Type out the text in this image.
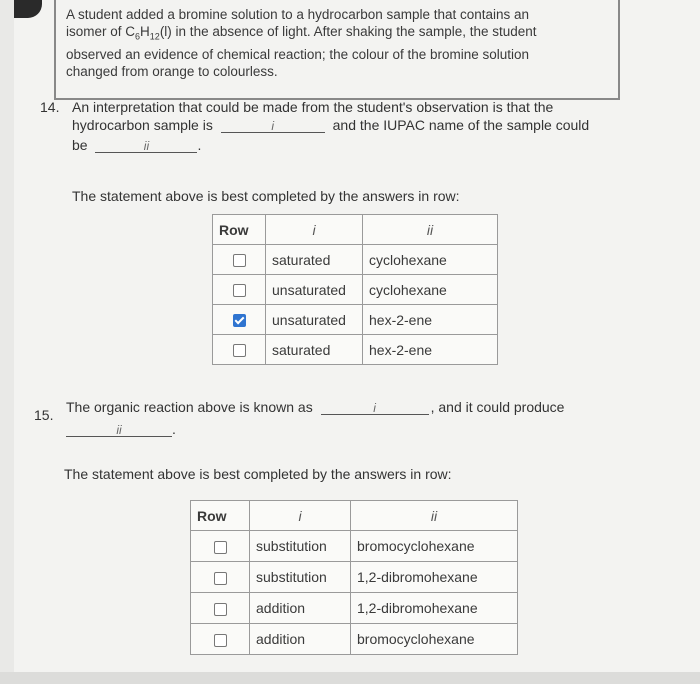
A student added a bromine solution to a hydrocarbon sample that contains an
isomer of $C_6H_{12}(l)$ in the absence of light. After shaking the sample, the student
observed an evidence of chemical reaction; the colour of the bromine solution
changed from orange to colourless.
14. An interpretation that could be made from the student's observation is that the
hydrocarbon sample is	i	and the IUPAC name of the sample could
be	ii	.
The statement above is best completed by the answers in row:
Row	i	ii
	saturated	cyclohexane
	unsaturated	cyclohexane
	unsaturated	hex-2-ene
	saturated	hex-2-ene
15. The organic reaction above is known as	i	, and it could produce
ii	.
The statement above is best completed by the answers in row:
Row	i	ii
	substitution	bromocyclohexane
	substitution	1,2-dibromohexane
	addition	1,2-dibromohexane
	addition	bromocyclohexane
